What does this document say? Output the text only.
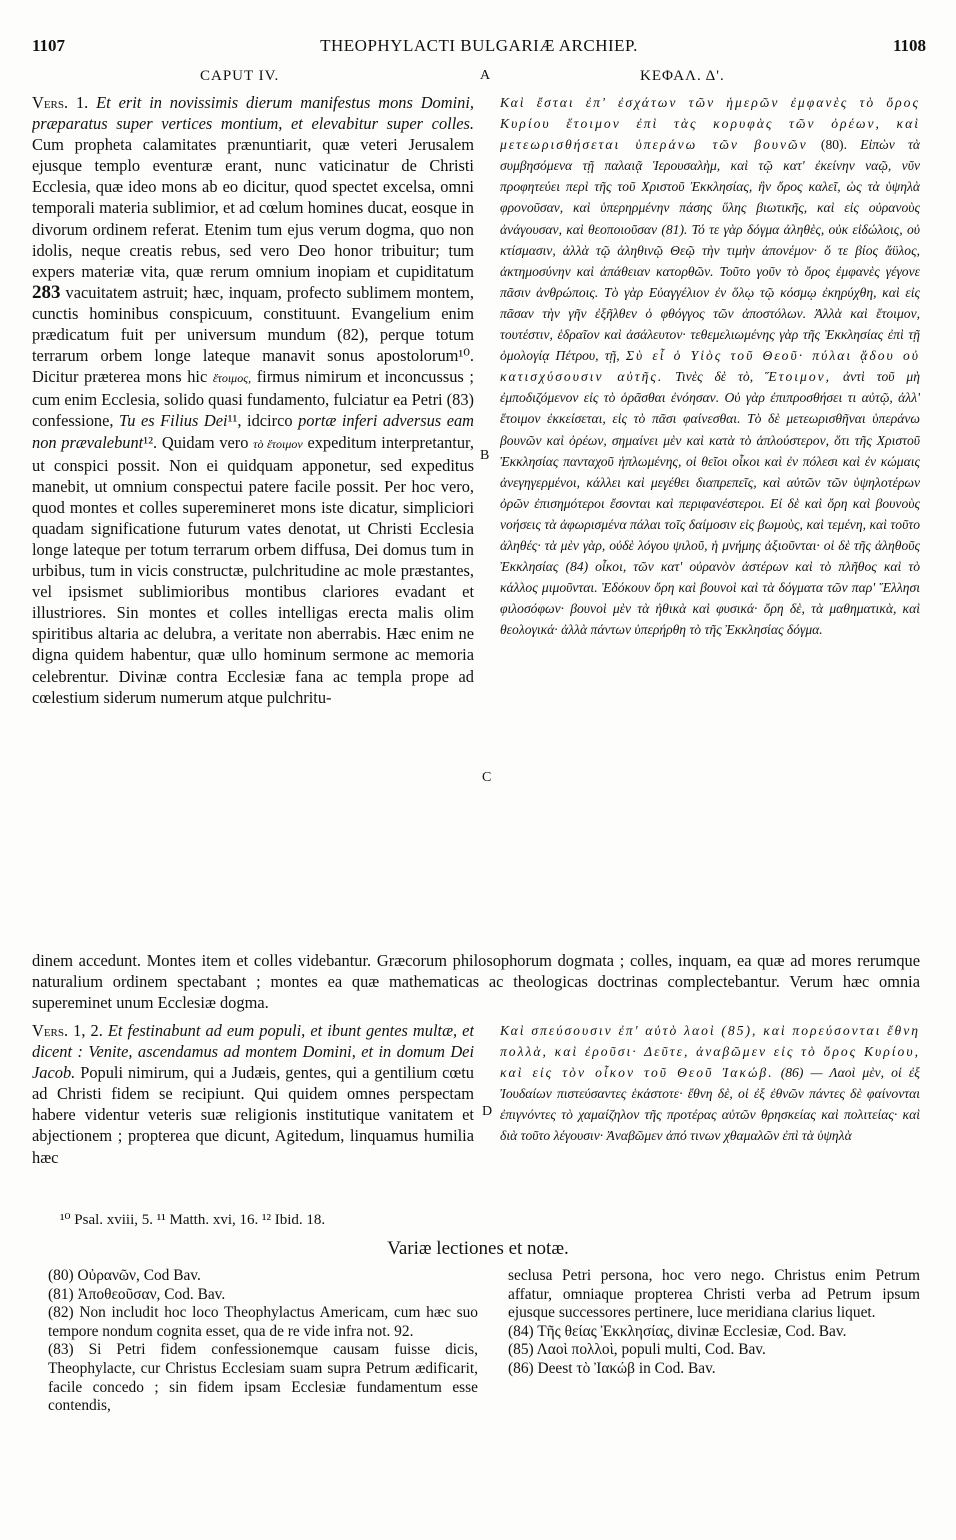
1107	THEOPHYLACTI BULGARIÆ ARCHIEP.	1108
CAPUT IV.	ΚΕΦΑΛ. Δ'.
A
B
C
D
Vers. 1. Et erit in novissimis dierum manifestus mons Domini, præparatus super vertices montium, et elevabitur super colles. Cum propheta calamitates prænuntiarit, quæ veteri Jerusalem ejusque templo eventuræ erant, nunc vaticinatur de Christi Ecclesia, quæ ideo mons ab eo dicitur, quod spectet excelsa, omni temporali materia sublimior, et ad cœlum homines ducat, eosque in divorum ordinem referat. Etenim tum ejus verum dogma, quo non idolis, neque creatis rebus, sed vero Deo honor tribuitur; tum expers materiæ vita, quæ rerum omnium inopiam et cupiditatum 283 vacuitatem astruit; hæc, inquam, profecto sublimem montem, cunctis hominibus conspicuum, constituunt. Evangelium enim prædicatum fuit per universum mundum (82), perque totum terrarum orbem longe lateque manavit sonus apostolorum¹⁰. Dicitur præterea mons hic ἕτοιμος, firmus nimirum et inconcussus ; cum enim Ecclesia, solido quasi fundamento, fulciatur ea Petri (83) confessione, Tu es Filius Dei¹¹, idcirco portæ inferi adversus eam non prævalebunt¹². Quidam vero τὸ ἕτοιμον expeditum interpretantur, ut conspici possit. Non ei quidquam apponetur, sed expeditus manebit, ut omnium conspectui patere facile possit. Per hoc vero, quod montes et colles superemineret mons iste dicatur, simpliciori quadam significatione futurum vates denotat, ut Christi Ecclesia longe lateque per totum terrarum orbem diffusa, Dei domus tum in urbibus, tum in vicis constructæ, pulchritudine ac mole præstantes, vel ipsismet sublimioribus montibus clariores evadant et illustriores. Sin montes et colles intelligas erecta malis olim spiritibus altaria ac delubra, a veritate non aberrabis. Hæc enim ne digna quidem habentur, quæ ullo hominum sermone ac memoria celebrentur. Divinæ contra Ecclesiæ fana ac templa prope ad cœlestium siderum numerum atque pulchritu-
Καὶ ἔσται ἐπ' ἐσχάτων τῶν ἡμερῶν ἐμφανὲς τὸ ὄρος Κυρίου ἕτοιμον ἐπὶ τὰς κορυφὰς τῶν ὀρέων, καὶ μετεωρισθήσεται ὑπεράνω τῶν βουνῶν (80). Εἰπὼν τὰ συμβησόμενα τῇ παλαιᾷ Ἱερουσαλὴμ, καὶ τῷ κατ' ἐκείνην ναῷ, νῦν προφητεύει περὶ τῆς τοῦ Χριστοῦ Ἐκκλησίας, ἣν ὄρος καλεῖ, ὡς τὰ ὑψηλὰ φρονοῦσαν, καὶ ὑπερηρμένην πάσης ὕλης βιωτικῆς, καὶ εἰς οὐρανοὺς ἀνάγουσαν, καὶ θεοποιοῦσαν (81). Τό τε γὰρ δόγμα ἀληθὲς, οὐκ εἰδώλοις, οὐ κτίσμασιν, ἀλλὰ τῷ ἀληθινῷ Θεῷ τὴν τιμὴν ἀπονέμον· ὅ τε βίος ἄϋλος, ἀκτημοσύνην καὶ ἀπάθειαν κατορθῶν. Τοῦτο γοῦν τὸ ὄρος ἐμφανὲς γέγονε πᾶσιν ἀνθρώποις. Τὸ γὰρ Εὐαγγέλιον ἐν ὅλῳ τῷ κόσμῳ ἐκηρύχθη, καὶ εἰς πᾶσαν τὴν γῆν ἐξῆλθεν ὁ φθόγγος τῶν ἀποστόλων. Ἀλλὰ καὶ ἕτοιμον, τουτέστιν, ἑδραῖον καὶ ἀσάλευτον· τεθεμελιωμένης γὰρ τῆς Ἐκκλησίας ἐπὶ τῇ ὁμολογίᾳ Πέτρου, τῇ, Σὺ εἶ ὁ Υἱὸς τοῦ Θεοῦ· πύλαι ᾅδου οὐ κατισχύσουσιν αὐτῆς. Τινὲς δὲ τὸ, Ἕτοιμον, ἀντὶ τοῦ μὴ ἐμποδιζόμενον εἰς τὸ ὁρᾶσθαι ἐνόησαν. Οὐ γὰρ ἐπιπροσθήσει τι αὐτῷ, ἀλλ' ἕτοιμον ἐκκείσεται, εἰς τὸ πᾶσι φαίνεσθαι. Τὸ δὲ μετεωρισθῆναι ὑπεράνω βουνῶν καὶ ὀρέων, σημαίνει μὲν καὶ κατὰ τὸ ἁπλούστερον, ὅτι τῆς Χριστοῦ Ἐκκλησίας πανταχοῦ ἡπλωμένης, οἱ θεῖοι οἶκοι καὶ ἐν πόλεσι καὶ ἐν κώμαις ἀνεγηγερμένοι, κάλλει καὶ μεγέθει διαπρεπεῖς, καὶ αὐτῶν τῶν ὑψηλοτέρων ὀρῶν ἐπισημότεροι ἔσονται καὶ περιφανέστεροι. Εἰ δὲ καὶ ὄρη καὶ βουνοὺς νοήσεις τὰ ἀφωρισμένα πάλαι τοῖς δαίμοσιν εἰς βωμοὺς, καὶ τεμένη, καὶ τοῦτο ἀληθές· τὰ μὲν γὰρ, οὐδὲ λόγου ψιλοῦ, ἡ μνήμης ἀξιοῦνται· οἱ δὲ τῆς ἀληθοῦς Ἐκκλησίας (84) οἶκοι, τῶν κατ' οὐρανὸν ἀστέρων καὶ τὸ πλῆθος καὶ τὸ κάλλος μιμοῦνται. Ἐδόκουν ὄρη καὶ βουνοὶ καὶ τὰ δόγματα τῶν παρ' Ἕλλησι φιλοσόφων· βουνοὶ μὲν τὰ ἠθικὰ καὶ φυσικά· ὄρη δὲ, τὰ μαθηματικὰ, καὶ θεολογικά· ἀλλὰ πάντων ὑπερήρθη τὸ τῆς Ἐκκλησίας δόγμα.
dinem accedunt. Montes item et colles videbantur. Græcorum philosophorum dogmata ; colles, inquam, ea quæ ad mores rerumque naturalium ordinem spectabant ; montes ea quæ mathematicas ac theologicas doctrinas complectebantur. Verum hæc omnia supereminet unum Ecclesiæ dogma.
Vers. 1, 2. Et festinabunt ad eum populi, et ibunt gentes multæ, et dicent : Venite, ascendamus ad montem Domini, et in domum Dei Jacob. Populi nimirum, qui a Judæis, gentes, qui a gentilium cœtu ad Christi fidem se recipiunt. Qui quidem omnes perspectam habere videntur veteris suæ religionis institutique vanitatem et abjectionem ; propterea que dicunt, Agitedum, linquamus humilia hæc
Καὶ σπεύσουσιν ἐπ' αὐτὸ λαοὶ (85), καὶ πορεύσονται ἔθνη πολλὰ, καὶ ἐροῦσι· Δεῦτε, ἀναβῶμεν εἰς τὸ ὄρος Κυρίου, καὶ εἰς τὸν οἶκον τοῦ Θεοῦ Ἰακώβ. (86) — Λαοὶ μὲν, οἱ ἐξ Ἰουδαίων πιστεύσαντες ἑκάστοτε· ἔθνη δὲ, οἱ ἐξ ἐθνῶν πάντες δὲ φαίνονται ἐπιγνόντες τὸ χαμαίζηλον τῆς προτέρας αὐτῶν θρησκείας καὶ πολιτείας· καὶ διὰ τοῦτο λέγουσιν· Ἀναβῶμεν ἀπό τινων χθαμαλῶν ἐπὶ τὰ ὑψηλὰ
¹⁰ Psal. xviii, 5. ¹¹ Matth. xvi, 16. ¹² Ibid. 18.
Variæ lectiones et notæ.

(80) Οὐρανῶν, Cod Bav.

(81) Ἀποθεοῦσαν, Cod. Bav.

(82) Non includit hoc loco Theophylactus Americam, cum hæc suo tempore nondum cognita esset, qua de re vide infra not. 92.

(83) Si Petri fidem confessionemque causam fuisse dicis, Theophylacte, cur Christus Ecclesiam suam supra Petrum ædificarit, facile concedo ; sin fidem ipsam Ecclesiæ fundamentum esse contendis,

seclusa Petri persona, hoc vero nego. Christus enim Petrum affatur, omniaque propterea Christi verba ad Petrum ipsum ejusque successores pertinere, luce meridiana clarius liquet.

(84) Τῆς θείας Ἐκκλησίας, divinæ Ecclesiæ, Cod. Bav.

(85) Λαοὶ πολλοὶ, populi multi, Cod. Bav.

(86) Deest τὸ Ἰακώβ in Cod. Bav.
